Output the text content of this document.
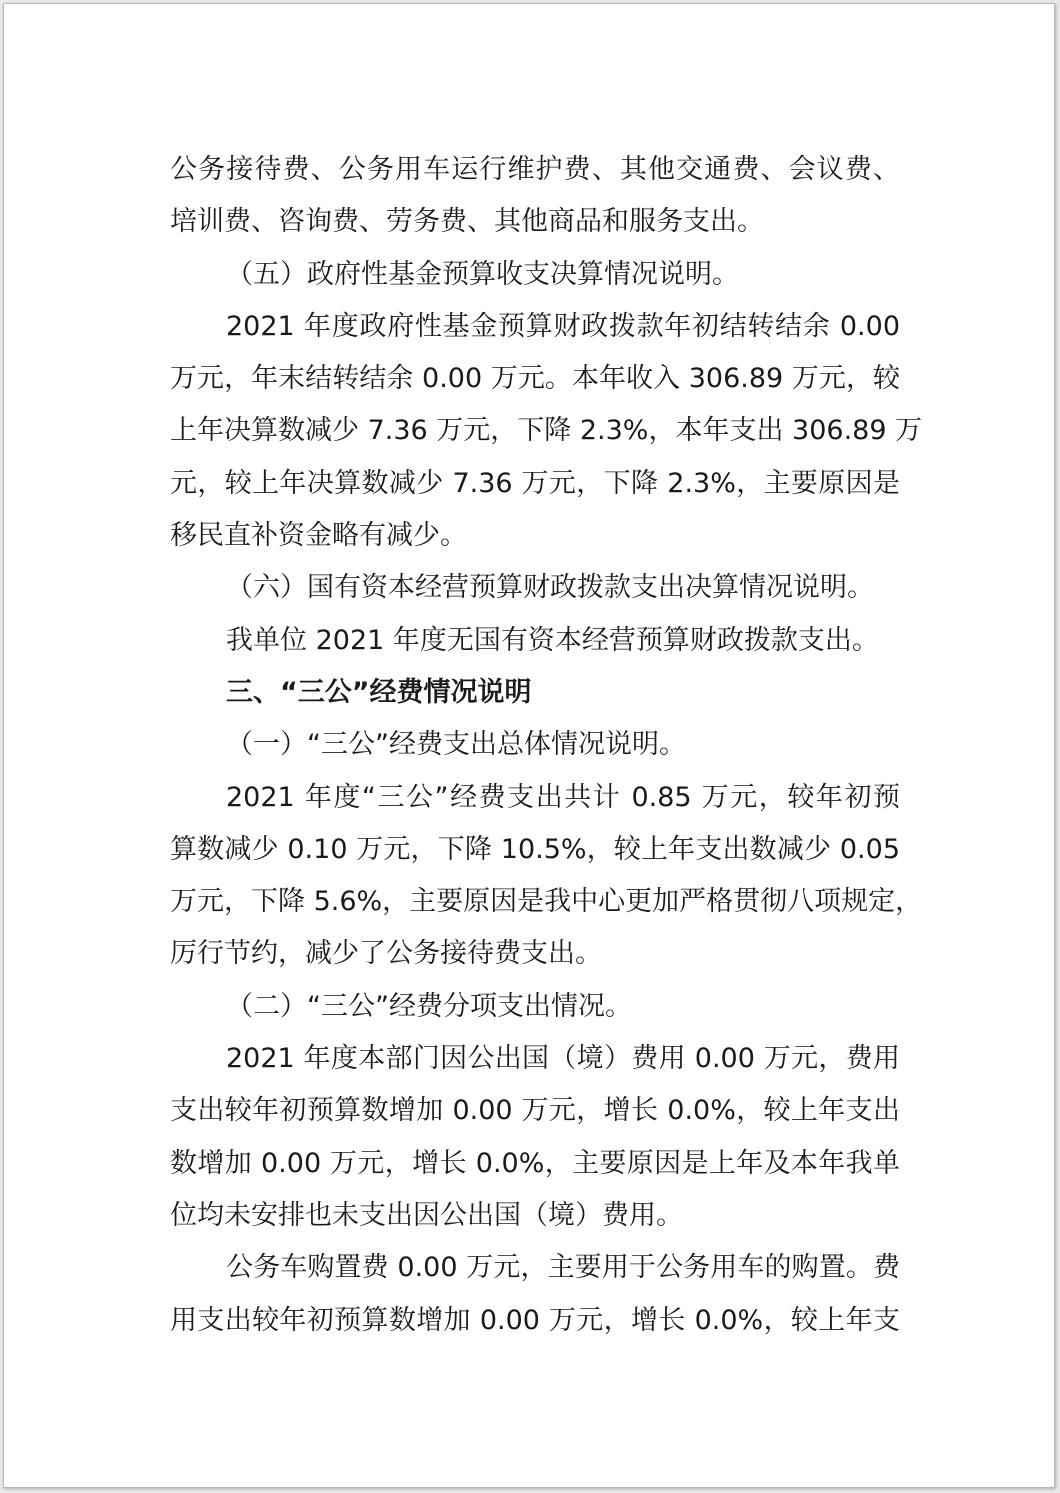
公务接待费、公务用车运行维护费、其他交通费、会议费、
培训费、咨询费、劳务费、其他商品和服务支出。
（五）政府性基金预算收支决算情况说明。
2021 年度政府性基金预算财政拨款年初结转结余 0.00
万元，年末结转结余 0.00 万元。本年收入 306.89 万元，较
上年决算数减少 7.36 万元，下降 2.3%，本年支出 306.89 万
元，较上年决算数减少 7.36 万元，下降 2.3%，主要原因是
移民直补资金略有减少。
（六）国有资本经营预算财政拨款支出决算情况说明。
我单位 2021 年度无国有资本经营预算财政拨款支出。
三、“三公”经费情况说明
（一）“三公”经费支出总体情况说明。
2021 年度“三公”经费支出共计 0.85 万元，较年初预
算数减少 0.10 万元，下降 10.5%，较上年支出数减少 0.05
万元，下降 5.6%，主要原因是我中心更加严格贯彻八项规定，
厉行节约，减少了公务接待费支出。
（二）“三公”经费分项支出情况。
2021 年度本部门因公出国（境）费用 0.00 万元，费用
支出较年初预算数增加 0.00 万元，增长 0.0%，较上年支出
数增加 0.00 万元，增长 0.0%，主要原因是上年及本年我单
位均未安排也未支出因公出国（境）费用。
公务车购置费 0.00 万元，主要用于公务用车的购置。费
用支出较年初预算数增加 0.00 万元，增长 0.0%，较上年支
